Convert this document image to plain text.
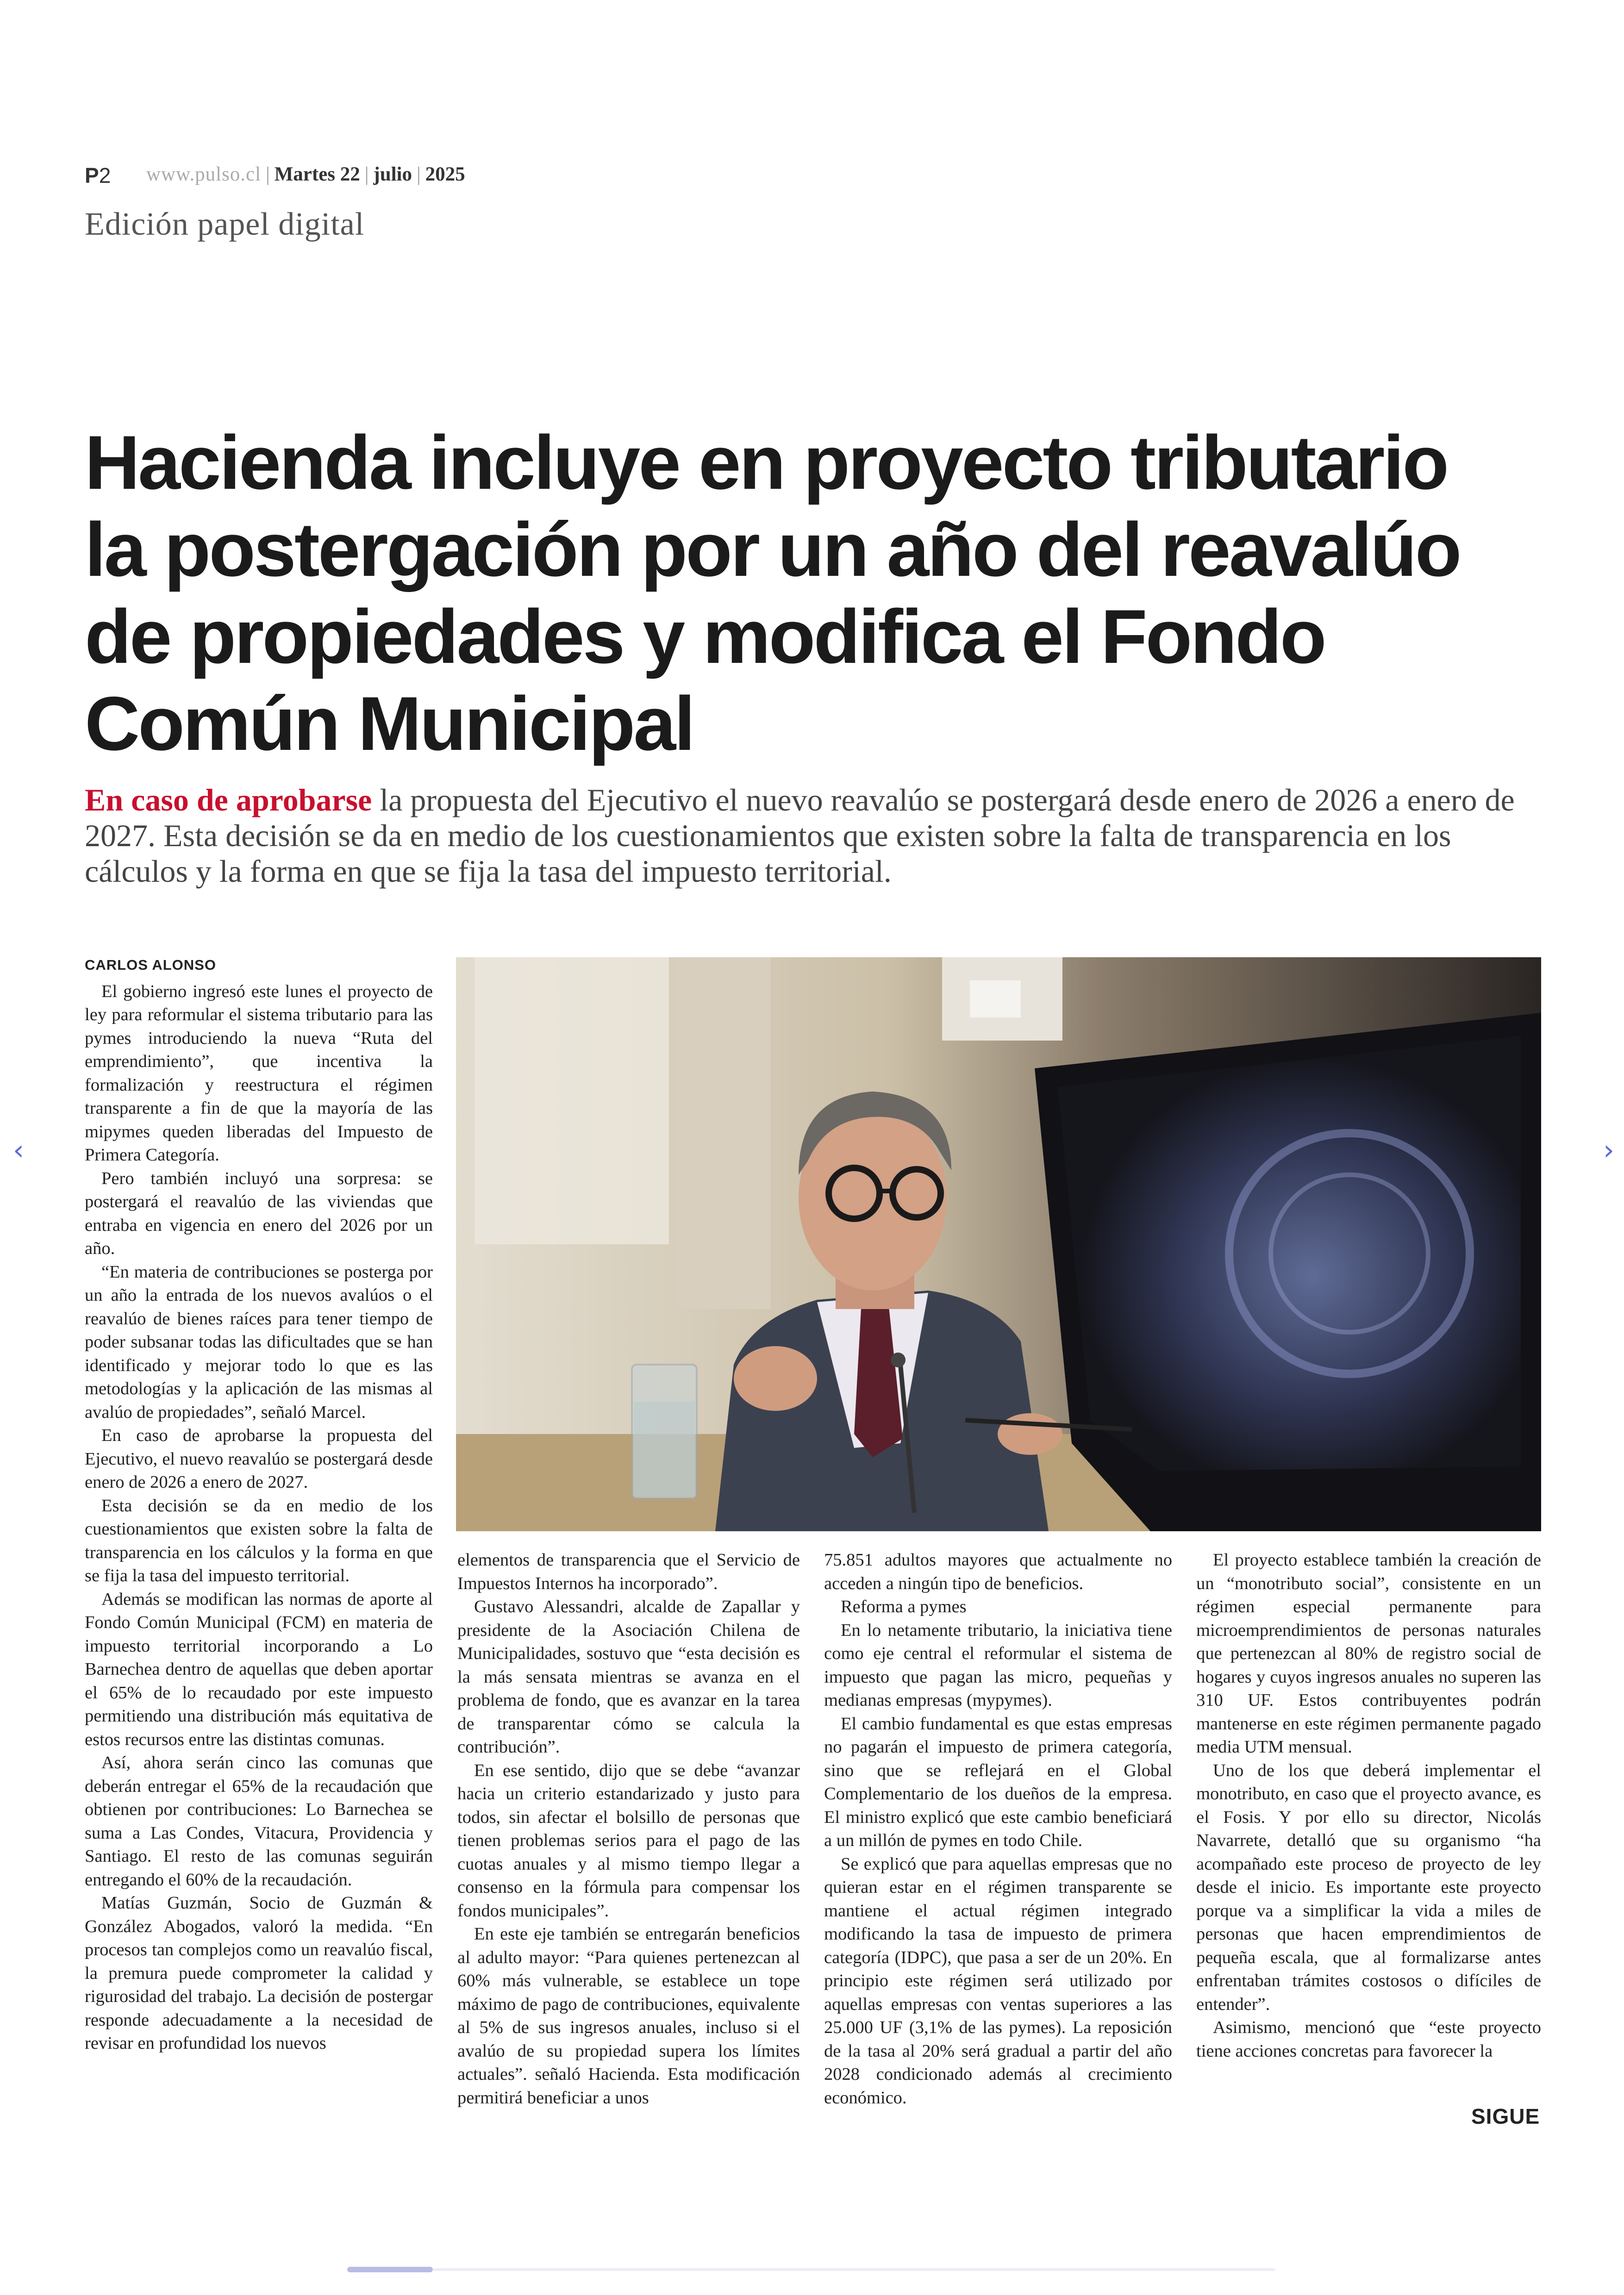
P2 www.pulso.cl | Martes 22 | julio | 2025
Edición papel digital
Hacienda incluye en proyecto tributario
la postergación por un año del reavalúo
de propiedades y modifica el Fondo
Común Municipal
En caso de aprobarse la propuesta del Ejecutivo el nuevo reavalúo se postergará desde enero de 2026 a enero de 2027. Esta decisión se da en medio de los cuestionamientos que existen sobre la falta de transparencia en los cálculos y la forma en que se fija la tasa del impuesto territorial.
CARLOS ALONSO

El gobierno ingresó este lunes el proyecto de ley para reformular el sistema tributario para las pymes introduciendo la nueva “Ruta del emprendimiento”, que incentiva la formalización y reestructura el régimen transparente a fin de que la mayoría de las mipymes queden liberadas del Impuesto de Primera Categoría.

Pero también incluyó una sorpresa: se postergará el reavalúo de las viviendas que entraba en vigencia en enero del 2026 por un año.

“En materia de contribuciones se posterga por un año la entrada de los nuevos avalúos o el reavalúo de bienes raíces para tener tiempo de poder subsanar todas las dificultades que se han identificado y mejorar todo lo que es las metodologías y la aplicación de las mismas al avalúo de propiedades”, señaló Marcel.

En caso de aprobarse la propuesta del Ejecutivo, el nuevo reavalúo se postergará desde enero de 2026 a enero de 2027.

Esta decisión se da en medio de los cuestionamientos que existen sobre la falta de transparencia en los cálculos y la forma en que se fija la tasa del impuesto territorial.

Además se modifican las normas de aporte al Fondo Común Municipal (FCM) en materia de impuesto territorial incorporando a Lo Barnechea dentro de aquellas que deben aportar el 65% de lo recaudado por este impuesto permitiendo una distribución más equitativa de estos recursos entre las distintas comunas.

Así, ahora serán cinco las comunas que deberán entregar el 65% de la recaudación que obtienen por contribuciones: Lo Barnechea se suma a Las Condes, Vitacura, Providencia y Santiago. El resto de las comunas seguirán entregando el 60% de la recaudación.

Matías Guzmán, Socio de Guzmán & González Abogados, valoró la medida. “En procesos tan complejos como un reavalúo fiscal, la premura puede comprometer la calidad y rigurosidad del trabajo. La decisión de postergar responde adecuadamente a la necesidad de revisar en profundidad los nuevos

elementos de transparencia que el Servicio de Impuestos Internos ha incorporado”.

Gustavo Alessandri, alcalde de Zapallar y presidente de la Asociación Chilena de Municipalidades, sostuvo que “esta decisión es la más sensata mientras se avanza en el problema de fondo, que es avanzar en la tarea de transparentar cómo se calcula la contribución”.

En ese sentido, dijo que se debe “avanzar hacia un criterio estandarizado y justo para todos, sin afectar el bolsillo de personas que tienen problemas serios para el pago de las cuotas anuales y al mismo tiempo llegar a consenso en la fórmula para compensar los fondos municipales”.

En este eje también se entregarán beneficios al adulto mayor: “Para quienes pertenezcan al 60% más vulnerable, se establece un tope máximo de pago de contribuciones, equivalente al 5% de sus ingresos anuales, incluso si el avalúo de su propiedad supera los límites actuales”. señaló Hacienda. Esta modificación permitirá beneficiar a unos

75.851 adultos mayores que actualmente no acceden a ningún tipo de beneficios.

Reforma a pymes

En lo netamente tributario, la iniciativa tiene como eje central el reformular el sistema de impuesto que pagan las micro, pequeñas y medianas empresas (mypymes).

El cambio fundamental es que estas empresas no pagarán el impuesto de primera categoría, sino que se reflejará en el Global Complementario de los dueños de la empresa. El ministro explicó que este cambio beneficiará a un millón de pymes en todo Chile.

Se explicó que para aquellas empresas que no quieran estar en el régimen transparente se mantiene el actual régimen integrado modificando la tasa de impuesto de primera categoría (IDPC), que pasa a ser de un 20%. En principio este régimen será utilizado por aquellas empresas con ventas superiores a las 25.000 UF (3,1% de las pymes). La reposición de la tasa al 20% será gradual a partir del año 2028 condicionado además al crecimiento económico.

El proyecto establece también la creación de un “monotributo social”, consistente en un régimen especial permanente para microemprendimientos de personas naturales que pertenezcan al 80% de registro social de hogares y cuyos ingresos anuales no superen las 310 UF. Estos contribuyentes podrán mantenerse en este régimen permanente pagado media UTM mensual.

Uno de los que deberá implementar el monotributo, en caso que el proyecto avance, es el Fosis. Y por ello su director, Nicolás Navarrete, detalló que su organismo “ha acompañado este proceso de proyecto de ley desde el inicio. Es importante este proyecto porque va a simplificar la vida a miles de personas que hacen emprendimientos de pequeña escala, que al formalizarse antes enfrentaban trámites costosos o difíciles de entender”.

Asimismo, mencionó que “este proyecto tiene acciones concretas para favorecer la

SIGUE
‹	›
